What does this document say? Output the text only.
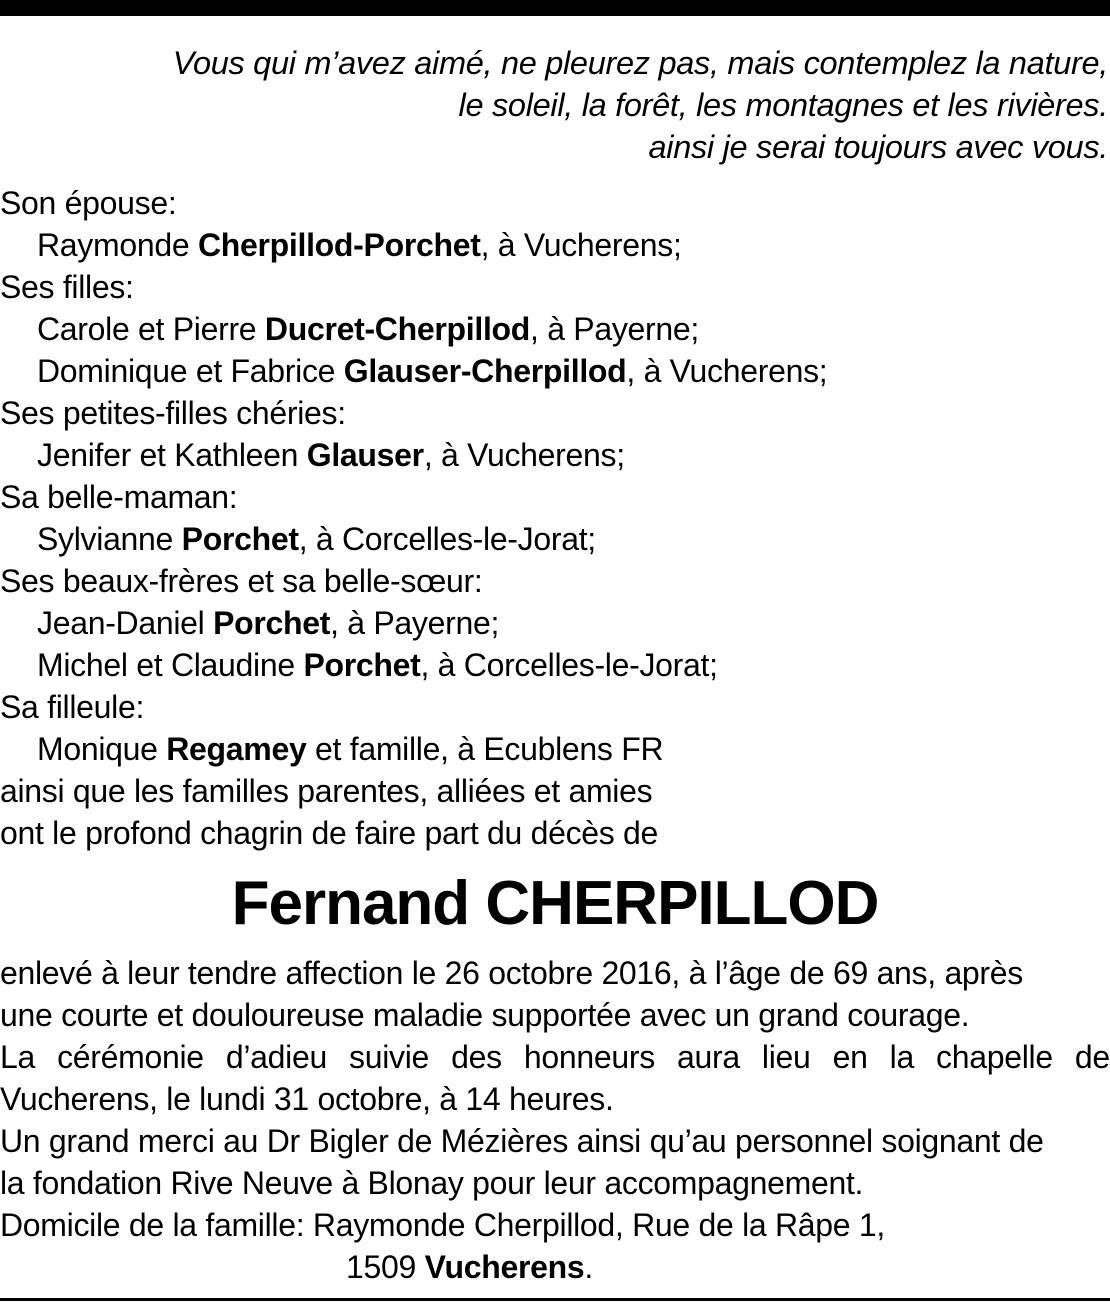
Vous qui m’avez aimé, ne pleurez pas, mais contemplez la nature,
le soleil, la forêt, les montagnes et les rivières.
ainsi je serai toujours avec vous.
Son épouse:
Raymonde Cherpillod-Porchet, à Vucherens;
Ses filles:
Carole et Pierre Ducret-Cherpillod, à Payerne;
Dominique et Fabrice Glauser-Cherpillod, à Vucherens;
Ses petites-filles chéries:
Jenifer et Kathleen Glauser, à Vucherens;
Sa belle-maman:
Sylvianne Porchet, à Corcelles-le-Jorat;
Ses beaux-frères et sa belle-sœur:
Jean-Daniel Porchet, à Payerne;
Michel et Claudine Porchet, à Corcelles-le-Jorat;
Sa filleule:
Monique Regamey et famille, à Ecublens FR
ainsi que les familles parentes, alliées et amies
ont le profond chagrin de faire part du décès de
Fernand CHERPILLOD
enlevé à leur tendre affection le 26 octobre 2016, à l’âge de 69 ans, après
une courte et douloureuse maladie supportée avec un grand courage.
La cérémonie d’adieu suivie des honneurs aura lieu en la chapelle de
Vucherens, le lundi 31 octobre, à 14 heures.
Un grand merci au Dr Bigler de Mézières ainsi qu’au personnel soignant de
la fondation Rive Neuve à Blonay pour leur accompagnement.
Domicile de la famille: Raymonde Cherpillod, Rue de la Râpe 1,
1509 Vucherens.
